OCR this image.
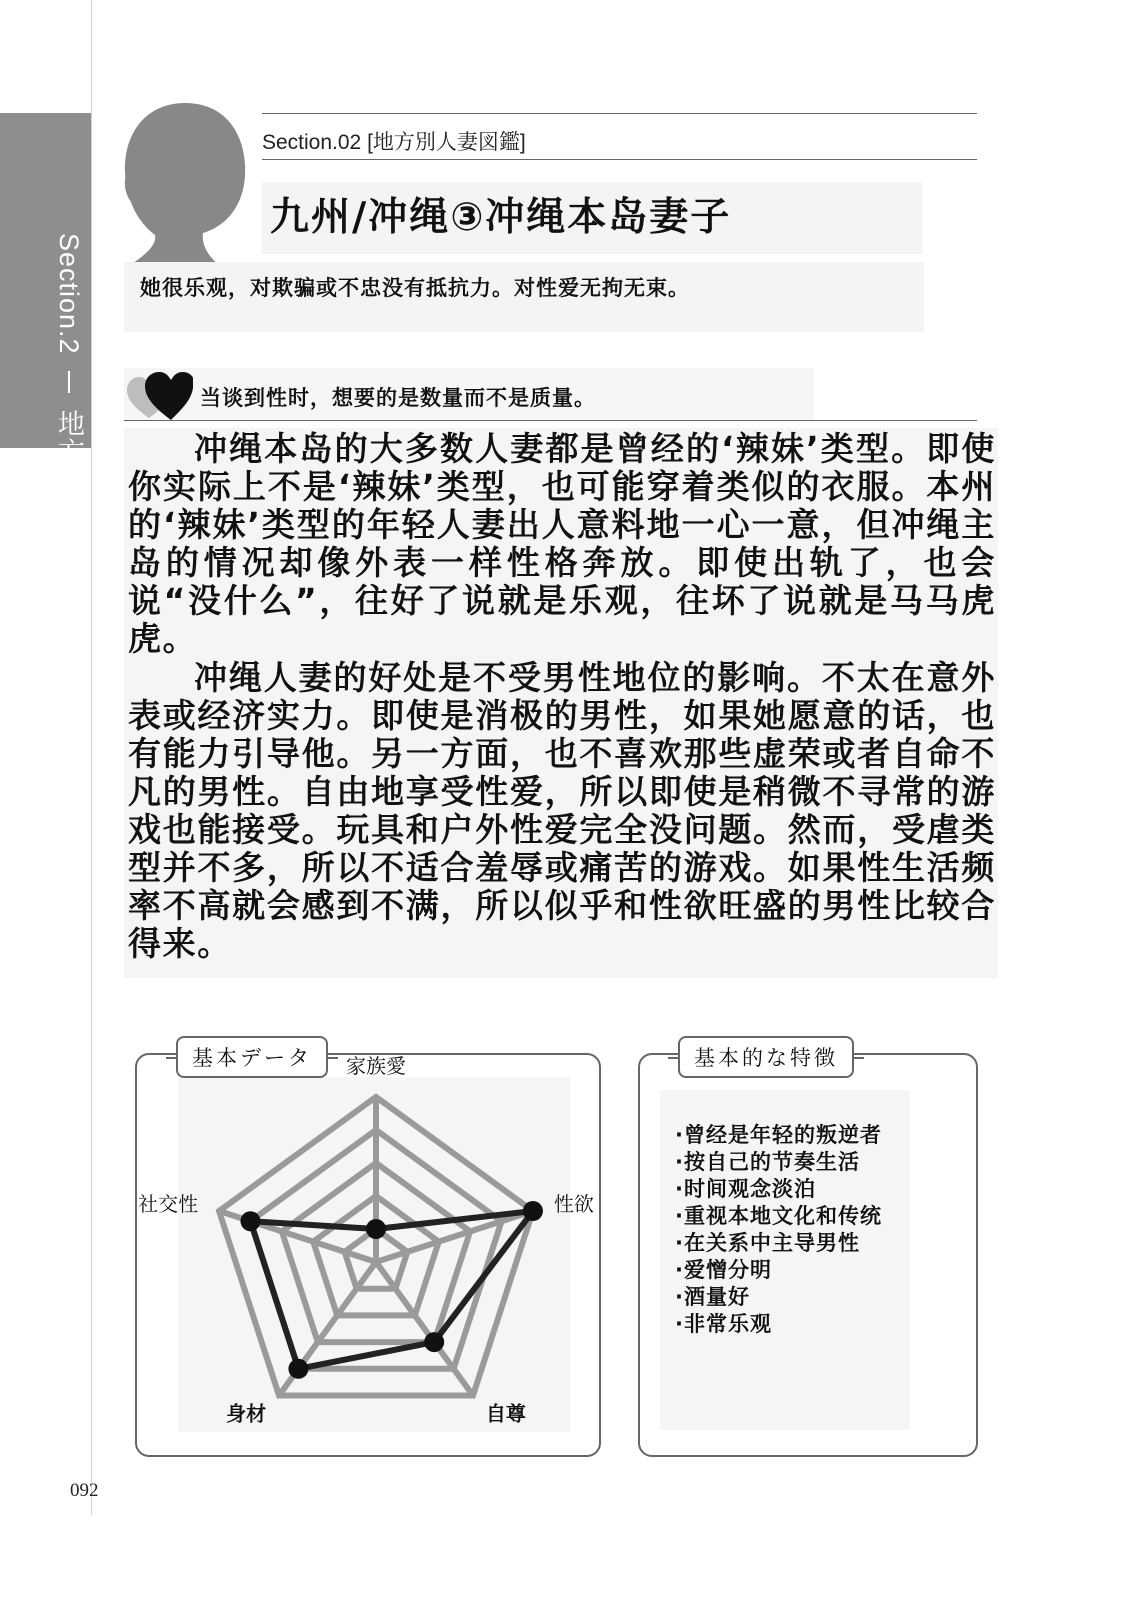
Section.2  地方別人妻図鑑
Section.02 [地方別人妻図鑑]
九州/冲绳③冲绳本岛妻子
她很乐观，对欺骗或不忠没有抵抗力。对性爱无拘无束。
当谈到性时，想要的是数量而不是质量。

冲绳本岛的大多数人妻都是曾经的‘辣妹’类型。即使你实际上不是‘辣妹’类型，也可能穿着类似的衣服。本州的‘辣妹’类型的年轻人妻出人意料地一心一意，但冲绳主岛的情况却像外表一样性格奔放。即使出轨了，也会说“没什么”，往好了说就是乐观，往坏了说就是马马虎虎。

冲绳人妻的好处是不受男性地位的影响。不太在意外表或经济实力。即使是消极的男性，如果她愿意的话，也有能力引导他。另一方面，也不喜欢那些虚荣或者自命不凡的男性。自由地享受性爱，所以即使是稍微不寻常的游戏也能接受。玩具和户外性爱完全没问题。然而，受虐类型并不多，所以不适合羞辱或痛苦的游戏。如果性生活频率不高就会感到不满，所以似乎和性欲旺盛的男性比较合得来。

基本データ	家族愛
性欲
自尊
身材
社交性
基本的な特徴
·曾经是年轻的叛逆者
·按自己的节奏生活
·时间观念淡泊
·重视本地文化和传统
·在关系中主导男性
·爱憎分明
·酒量好
·非常乐观
092
